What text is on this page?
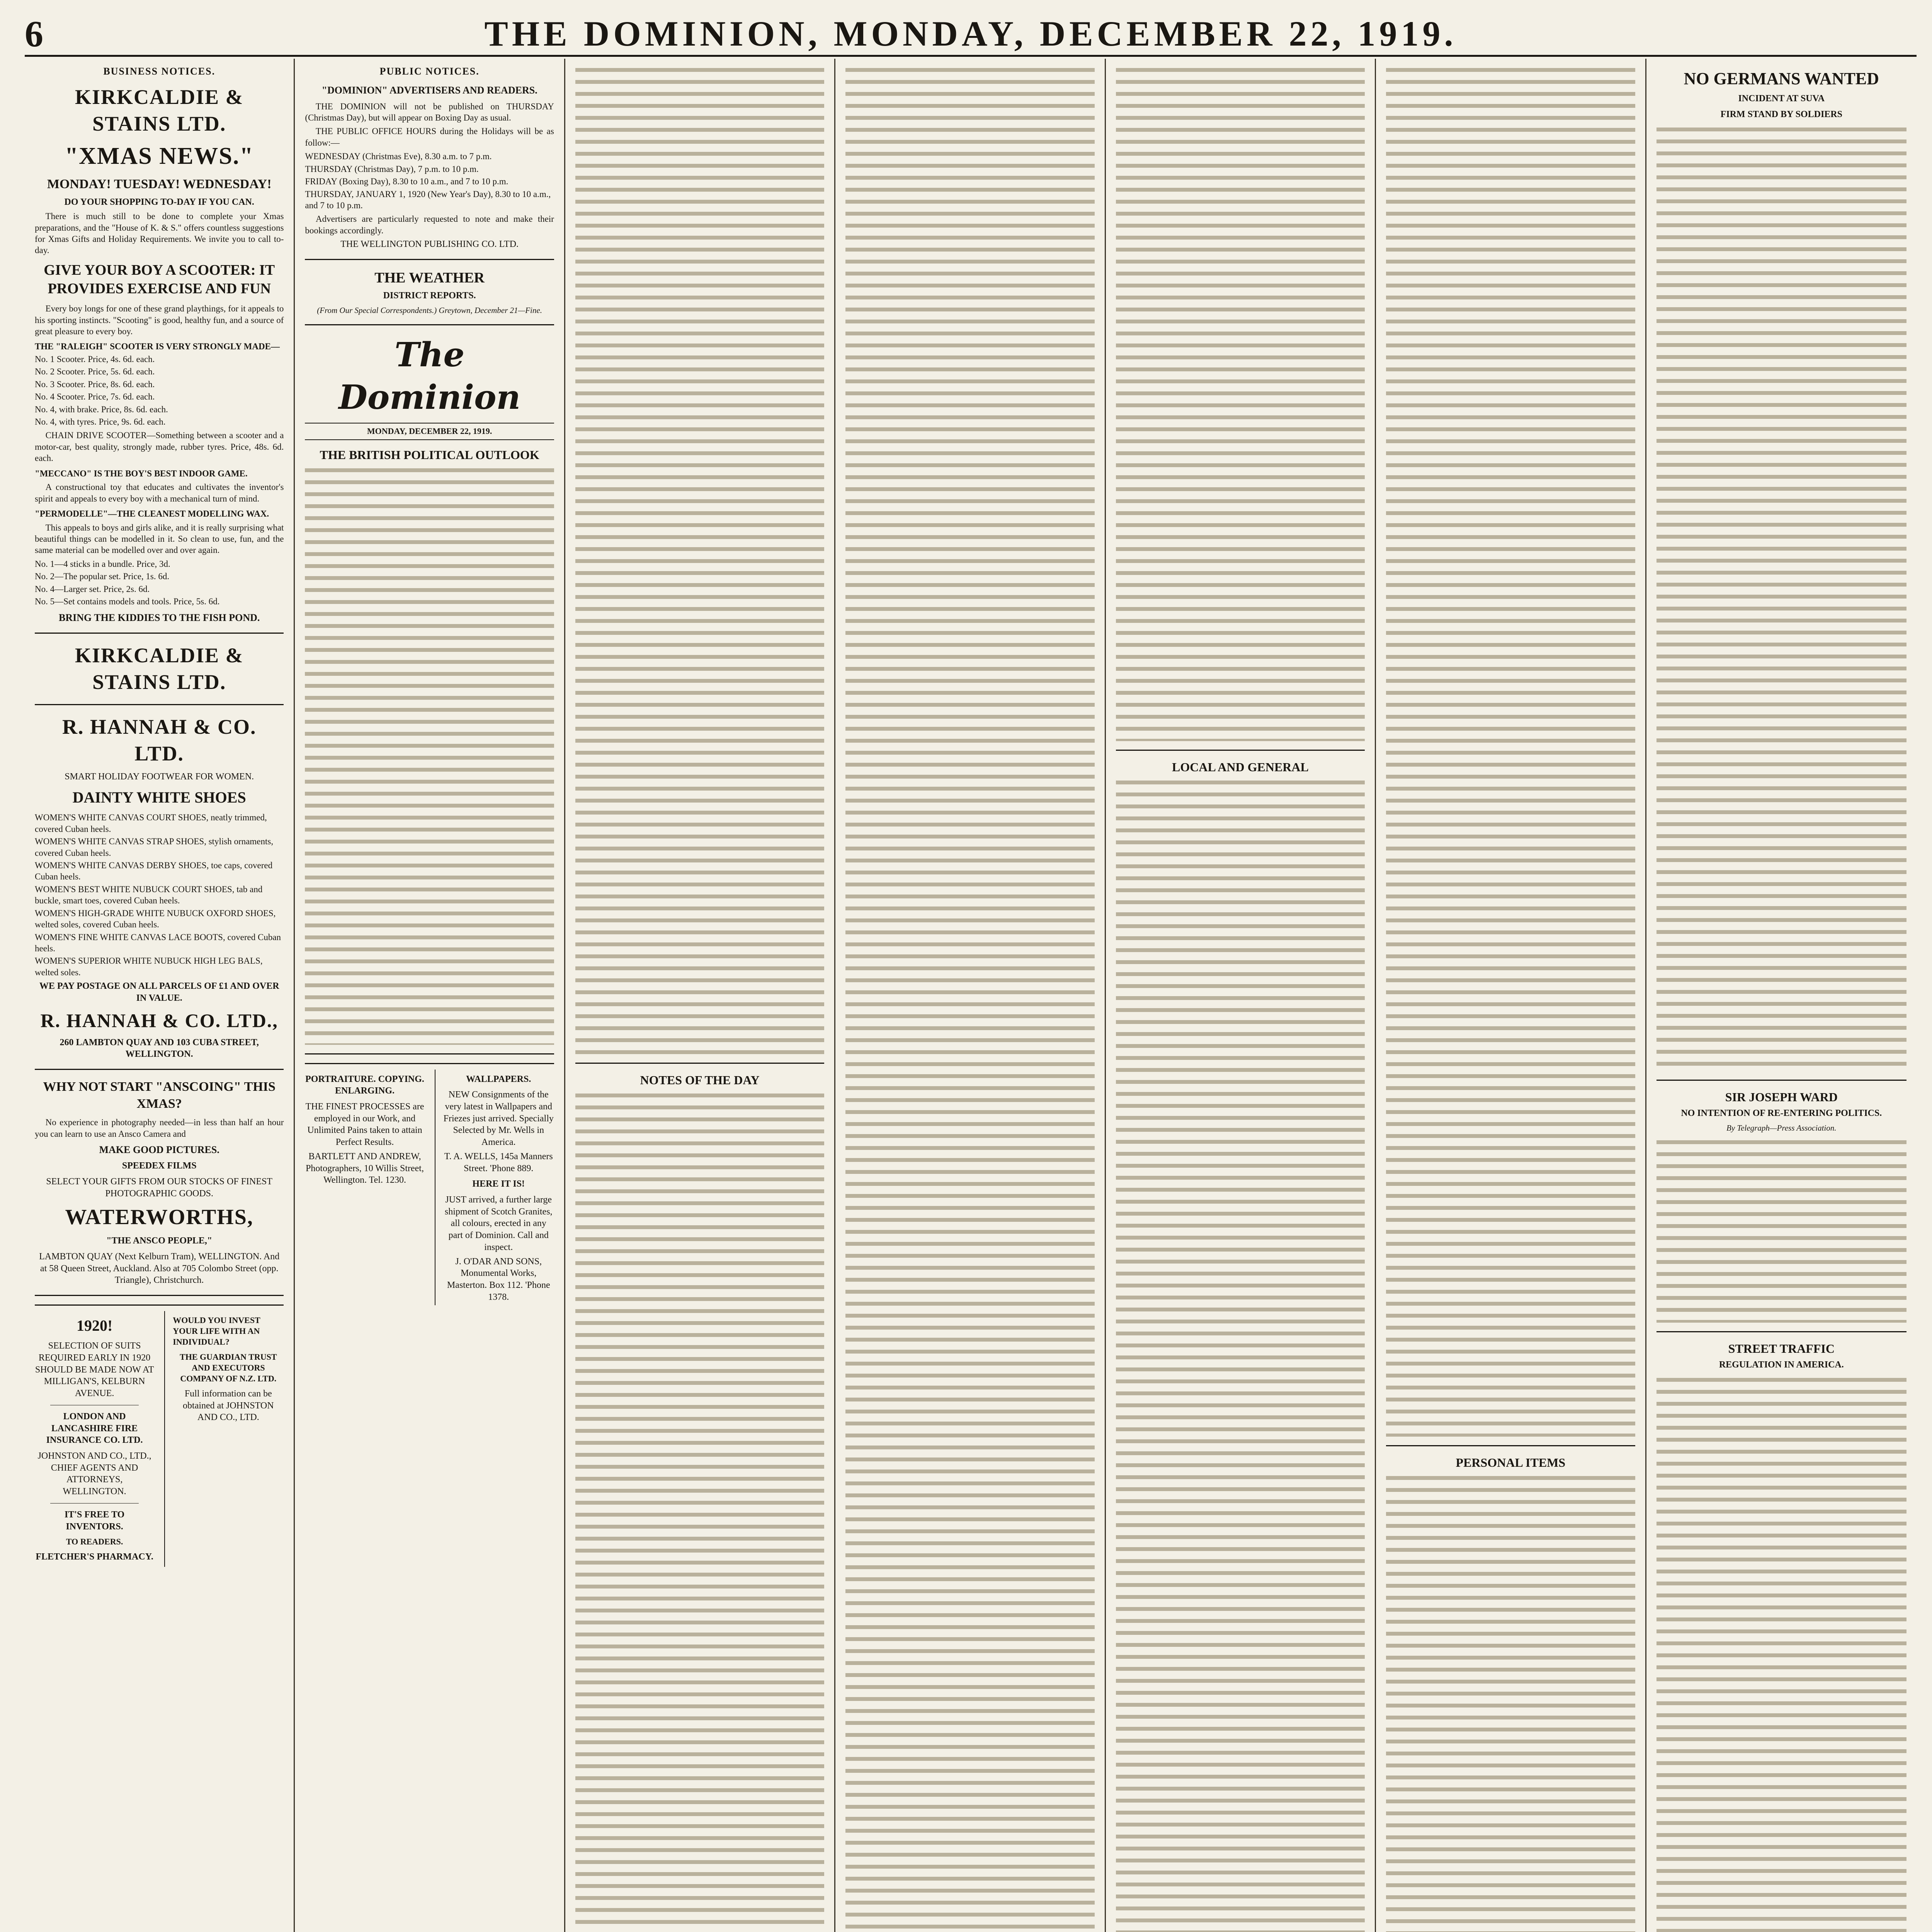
6	THE DOMINION, MONDAY, DECEMBER 22, 1919.
BUSINESS NOTICES.
KIRKCALDIE & STAINS LTD.
"XMAS NEWS."
MONDAY! TUESDAY! WEDNESDAY!
DO YOUR SHOPPING TO-DAY IF YOU CAN.
There is much still to be done to complete your Xmas preparations, and the "House of K. & S." offers countless suggestions for Xmas Gifts and Holiday Requirements. We invite you to call to-day.
GIVE YOUR BOY A SCOOTER: IT PROVIDES EXERCISE AND FUN
Every boy longs for one of these grand playthings, for it appeals to his sporting instincts. "Scooting" is good, healthy fun, and a source of great pleasure to every boy.
THE "RALEIGH" SCOOTER IS VERY STRONGLY MADE—
No. 1 Scooter. Price, 4s. 6d. each.
No. 2 Scooter. Price, 5s. 6d. each.
No. 3 Scooter. Price, 8s. 6d. each.
No. 4 Scooter. Price, 7s. 6d. each.
No. 4, with brake. Price, 8s. 6d. each.
No. 4, with tyres. Price, 9s. 6d. each.
CHAIN DRIVE SCOOTER—Something between a scooter and a motor-car, best quality, strongly made, rubber tyres. Price, 48s. 6d. each.
"MECCANO" IS THE BOY'S BEST INDOOR GAME.
A constructional toy that educates and cultivates the inventor's spirit and appeals to every boy with a mechanical turn of mind.
"PERMODELLE"—THE CLEANEST MODELLING WAX.
This appeals to boys and girls alike, and it is really surprising what beautiful things can be modelled in it. So clean to use, fun, and the same material can be modelled over and over again.
No. 1—4 sticks in a bundle. Price, 3d.
No. 2—The popular set. Price, 1s. 6d.
No. 4—Larger set. Price, 2s. 6d.
No. 5—Set contains models and tools. Price, 5s. 6d.
BRING THE KIDDIES TO THE FISH POND.
KIRKCALDIE & STAINS LTD.
R. HANNAH & CO. LTD.
SMART HOLIDAY FOOTWEAR FOR WOMEN.
DAINTY WHITE SHOES
WOMEN'S WHITE CANVAS COURT SHOES, neatly trimmed, covered Cuban heels.
WOMEN'S WHITE CANVAS STRAP SHOES, stylish ornaments, covered Cuban heels.
WOMEN'S WHITE CANVAS DERBY SHOES, toe caps, covered Cuban heels.
WOMEN'S BEST WHITE NUBUCK COURT SHOES, tab and buckle, smart toes, covered Cuban heels.
WOMEN'S HIGH-GRADE WHITE NUBUCK OXFORD SHOES, welted soles, covered Cuban heels.
WOMEN'S FINE WHITE CANVAS LACE BOOTS, covered Cuban heels.
WOMEN'S SUPERIOR WHITE NUBUCK HIGH LEG BALS, welted soles.
WE PAY POSTAGE ON ALL PARCELS OF £1 AND OVER IN VALUE.
R. HANNAH & CO. LTD.,
260 LAMBTON QUAY AND 103 CUBA STREET, WELLINGTON.
WHY NOT START "ANSCOING" THIS XMAS?
No experience in photography needed—in less than half an hour you can learn to use an Ansco Camera and
MAKE GOOD PICTURES.
SPEEDEX FILMS
SELECT YOUR GIFTS FROM OUR STOCKS OF FINEST PHOTOGRAPHIC GOODS.
WATERWORTHS,
"THE ANSCO PEOPLE,"
LAMBTON QUAY (Next Kelburn Tram), WELLINGTON. And at 58 Queen Street, Auckland. Also at 705 Colombo Street (opp. Triangle), Christchurch.
1920!
SELECTION OF SUITS REQUIRED EARLY IN 1920 SHOULD BE MADE NOW AT MILLIGAN'S, KELBURN AVENUE.
LONDON AND LANCASHIRE FIRE INSURANCE CO. LTD.
JOHNSTON AND CO., LTD., CHIEF AGENTS AND ATTORNEYS, WELLINGTON.
IT'S FREE TO INVENTORS.
TO READERS.
FLETCHER'S PHARMACY.
WOULD YOU INVEST YOUR LIFE WITH AN INDIVIDUAL?
THE GUARDIAN TRUST AND EXECUTORS COMPANY OF N.Z. LTD.
Full information can be obtained at JOHNSTON AND CO., LTD.
PUBLIC NOTICES.
"DOMINION" ADVERTISERS AND READERS.
THE DOMINION will not be published on THURSDAY (Christmas Day), but will appear on Boxing Day as usual.
THE PUBLIC OFFICE HOURS during the Holidays will be as follow:—
WEDNESDAY (Christmas Eve), 8.30 a.m. to 7 p.m.
THURSDAY (Christmas Day), 7 p.m. to 10 p.m.
FRIDAY (Boxing Day), 8.30 to 10 a.m., and 7 to 10 p.m.
THURSDAY, JANUARY 1, 1920 (New Year's Day), 8.30 to 10 a.m., and 7 to 10 p.m.
Advertisers are particularly requested to note and make their bookings accordingly.
THE WELLINGTON PUBLISHING CO. LTD.
THE WEATHER
DISTRICT REPORTS.
(From Our Special Correspondents.) Greytown, December 21—Fine.
The Dominion
MONDAY, DECEMBER 22, 1919.
THE BRITISH POLITICAL OUTLOOK
PORTRAITURE. COPYING. ENLARGING.
THE FINEST PROCESSES are employed in our Work, and Unlimited Pains taken to attain Perfect Results.
BARTLETT AND ANDREW, Photographers, 10 Willis Street, Wellington. Tel. 1230.
WALLPAPERS.
NEW Consignments of the very latest in Wallpapers and Friezes just arrived. Specially Selected by Mr. Wells in America.
T. A. WELLS, 145a Manners Street. 'Phone 889.
HERE IT IS!
JUST arrived, a further large shipment of Scotch Granites, all colours, erected in any part of Dominion. Call and inspect.
J. O'DAR AND SONS, Monumental Works, Masterton. Box 112. 'Phone 1378.
NOTES OF THE DAY
LOCAL AND GENERAL
PERSONAL ITEMS
NO GERMANS WANTED
INCIDENT AT SUVA
FIRM STAND BY SOLDIERS
SIR JOSEPH WARD
NO INTENTION OF RE-ENTERING POLITICS.
By Telegraph—Press Association.
STREET TRAFFIC
REGULATION IN AMERICA.
